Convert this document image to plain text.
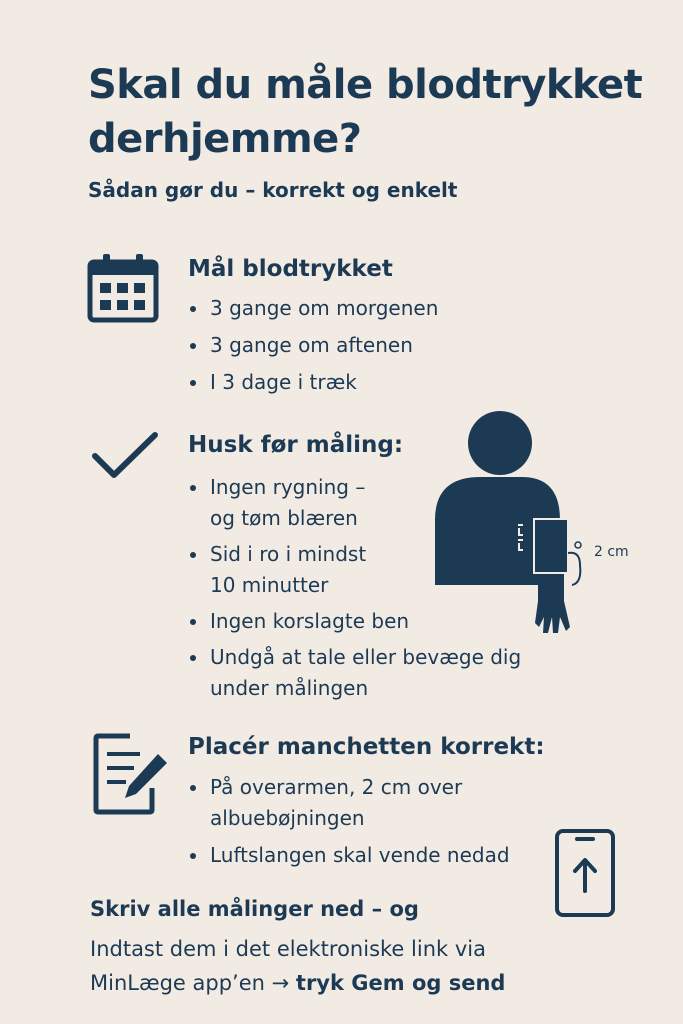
Skal du måle blodtrykket derhjemme?
Sådan gør du – korrekt og enkelt
Mål blodtrykket
3 gange om morgenen
3 gange om aftenen
I 3 dage i træk
Husk før måling:
Ingen rygning – og tøm blæren
Sid i ro i mindst 10 minutter
Ingen korslagte ben
Undgå at tale eller bevæge dig under målingen
2 cm
Placér manchetten korrekt:
På overarmen, 2 cm over albuebøjningen
Luftslangen skal vende nedad
Skriv alle målinger ned – og
Indtast dem i det elektroniske link via
MinLæge app’en → tryk Gem og send
